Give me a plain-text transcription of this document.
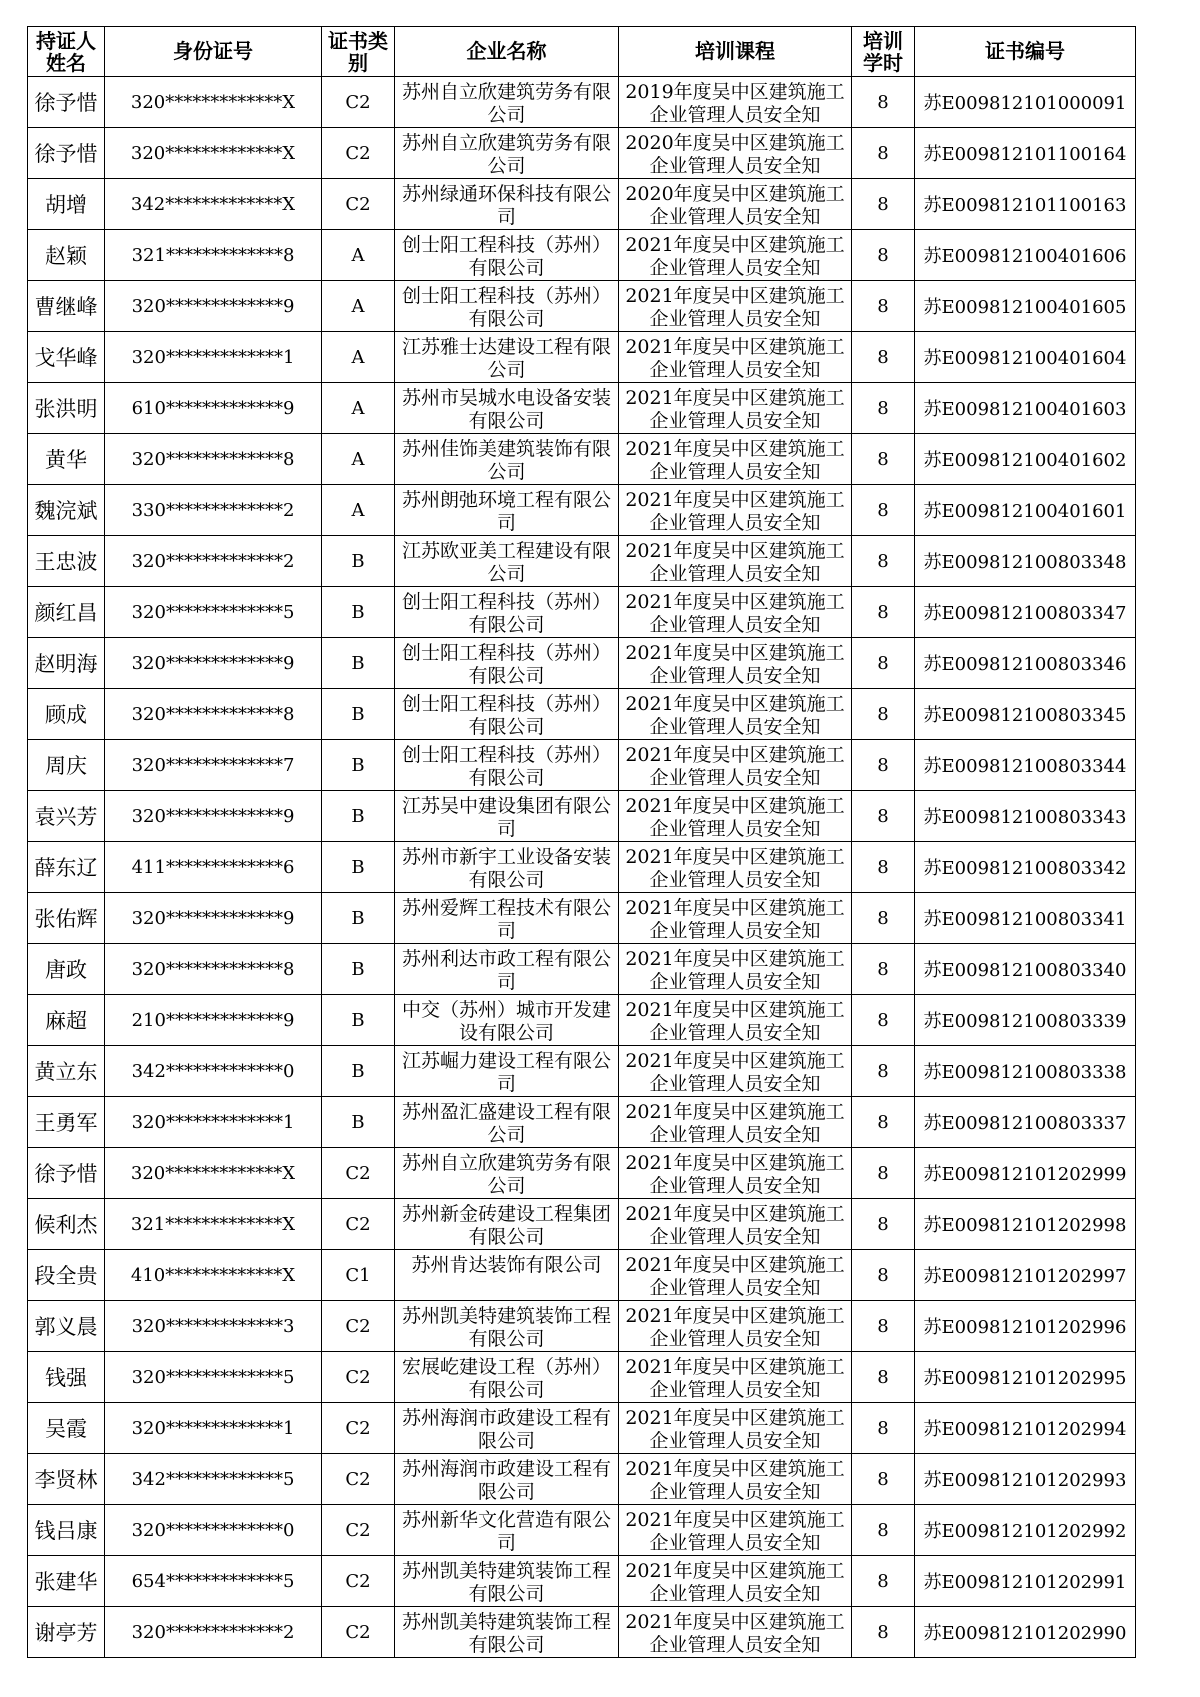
持证人姓名	身份证号	证书类别	企业名称	培训课程	培训学时	证书编号
徐予惜	320*************X	C2	苏州自立欣建筑劳务有限公司	2019年度吴中区建筑施工企业管理人员安全知	8	苏E009812101000091
徐予惜	320*************X	C2	苏州自立欣建筑劳务有限公司	2020年度吴中区建筑施工企业管理人员安全知	8	苏E009812101100164
胡增	342*************X	C2	苏州绿通环保科技有限公司	2020年度吴中区建筑施工企业管理人员安全知	8	苏E009812101100163
赵颖	321*************8	A	创士阳工程科技（苏州）有限公司	2021年度吴中区建筑施工企业管理人员安全知	8	苏E009812100401606
曹继峰	320*************9	A	创士阳工程科技（苏州）有限公司	2021年度吴中区建筑施工企业管理人员安全知	8	苏E009812100401605
戈华峰	320*************1	A	江苏雅士达建设工程有限公司	2021年度吴中区建筑施工企业管理人员安全知	8	苏E009812100401604
张洪明	610*************9	A	苏州市吴城水电设备安装有限公司	2021年度吴中区建筑施工企业管理人员安全知	8	苏E009812100401603
黄华	320*************8	A	苏州佳饰美建筑装饰有限公司	2021年度吴中区建筑施工企业管理人员安全知	8	苏E009812100401602
魏浣斌	330*************2	A	苏州朗弛环境工程有限公司	2021年度吴中区建筑施工企业管理人员安全知	8	苏E009812100401601
王忠波	320*************2	B	江苏欧亚美工程建设有限公司	2021年度吴中区建筑施工企业管理人员安全知	8	苏E009812100803348
颜红昌	320*************5	B	创士阳工程科技（苏州）有限公司	2021年度吴中区建筑施工企业管理人员安全知	8	苏E009812100803347
赵明海	320*************9	B	创士阳工程科技（苏州）有限公司	2021年度吴中区建筑施工企业管理人员安全知	8	苏E009812100803346
顾成	320*************8	B	创士阳工程科技（苏州）有限公司	2021年度吴中区建筑施工企业管理人员安全知	8	苏E009812100803345
周庆	320*************7	B	创士阳工程科技（苏州）有限公司	2021年度吴中区建筑施工企业管理人员安全知	8	苏E009812100803344
袁兴芳	320*************9	B	江苏吴中建设集团有限公司	2021年度吴中区建筑施工企业管理人员安全知	8	苏E009812100803343
薛东辽	411*************6	B	苏州市新宇工业设备安装有限公司	2021年度吴中区建筑施工企业管理人员安全知	8	苏E009812100803342
张佑辉	320*************9	B	苏州爱辉工程技术有限公司	2021年度吴中区建筑施工企业管理人员安全知	8	苏E009812100803341
唐政	320*************8	B	苏州利达市政工程有限公司	2021年度吴中区建筑施工企业管理人员安全知	8	苏E009812100803340
麻超	210*************9	B	中交（苏州）城市开发建设有限公司	2021年度吴中区建筑施工企业管理人员安全知	8	苏E009812100803339
黄立东	342*************0	B	江苏崛力建设工程有限公司	2021年度吴中区建筑施工企业管理人员安全知	8	苏E009812100803338
王勇军	320*************1	B	苏州盈汇盛建设工程有限公司	2021年度吴中区建筑施工企业管理人员安全知	8	苏E009812100803337
徐予惜	320*************X	C2	苏州自立欣建筑劳务有限公司	2021年度吴中区建筑施工企业管理人员安全知	8	苏E009812101202999
候利杰	321*************X	C2	苏州新金砖建设工程集团有限公司	2021年度吴中区建筑施工企业管理人员安全知	8	苏E009812101202998
段全贵	410*************X	C1	苏州肯达装饰有限公司	2021年度吴中区建筑施工企业管理人员安全知	8	苏E009812101202997
郭义晨	320*************3	C2	苏州凯美特建筑装饰工程有限公司	2021年度吴中区建筑施工企业管理人员安全知	8	苏E009812101202996
钱强	320*************5	C2	宏展屹建设工程（苏州）有限公司	2021年度吴中区建筑施工企业管理人员安全知	8	苏E009812101202995
吴霞	320*************1	C2	苏州海润市政建设工程有限公司	2021年度吴中区建筑施工企业管理人员安全知	8	苏E009812101202994
李贤林	342*************5	C2	苏州海润市政建设工程有限公司	2021年度吴中区建筑施工企业管理人员安全知	8	苏E009812101202993
钱吕康	320*************0	C2	苏州新华文化营造有限公司	2021年度吴中区建筑施工企业管理人员安全知	8	苏E009812101202992
张建华	654*************5	C2	苏州凯美特建筑装饰工程有限公司	2021年度吴中区建筑施工企业管理人员安全知	8	苏E009812101202991
谢亭芳	320*************2	C2	苏州凯美特建筑装饰工程有限公司	2021年度吴中区建筑施工企业管理人员安全知	8	苏E009812101202990
